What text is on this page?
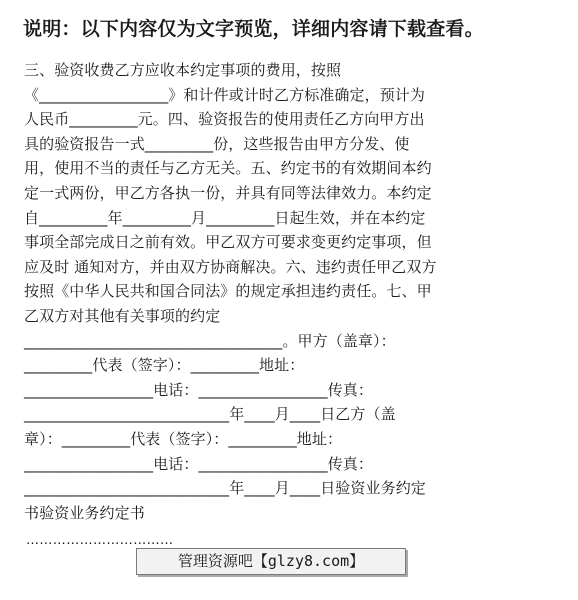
说明：以下内容仅为文字预览，详细内容请下载查看。
三、验资收费乙方应收本约定事项的费用，按照
《_________________》和计件或计时乙方标准确定，预计为
人民币_________元。四、验资报告的使用责任乙方向甲方出
具的验资报告一式_________份，这些报告由甲方分发、使
用，使用不当的责任与乙方无关。五、约定书的有效期间本约
定一式两份，甲乙方各执一份，并具有同等法律效力。本约定
自_________年_________月_________日起生效，并在本约定
事项全部完成日之前有效。甲乙双方可要求变更约定事项，但
应及时 通知对方，并由双方协商解决。六、违约责任甲乙双方
按照《中华人民共和国合同法》的规定承担违约责任。七、甲
乙双方对其他有关事项的约定
__________________________________。甲方（盖章）：
_________代表（签字）：_________地址：
_________________电话：_________________传真：
___________________________年____月____日乙方（盖
章）：_________代表（签字）：_________地址：
_________________电话：_________________传真：
___________________________年____月____日验资业务约定
书验资业务约定书
……………………………
管理资源吧【glzy8.com】
